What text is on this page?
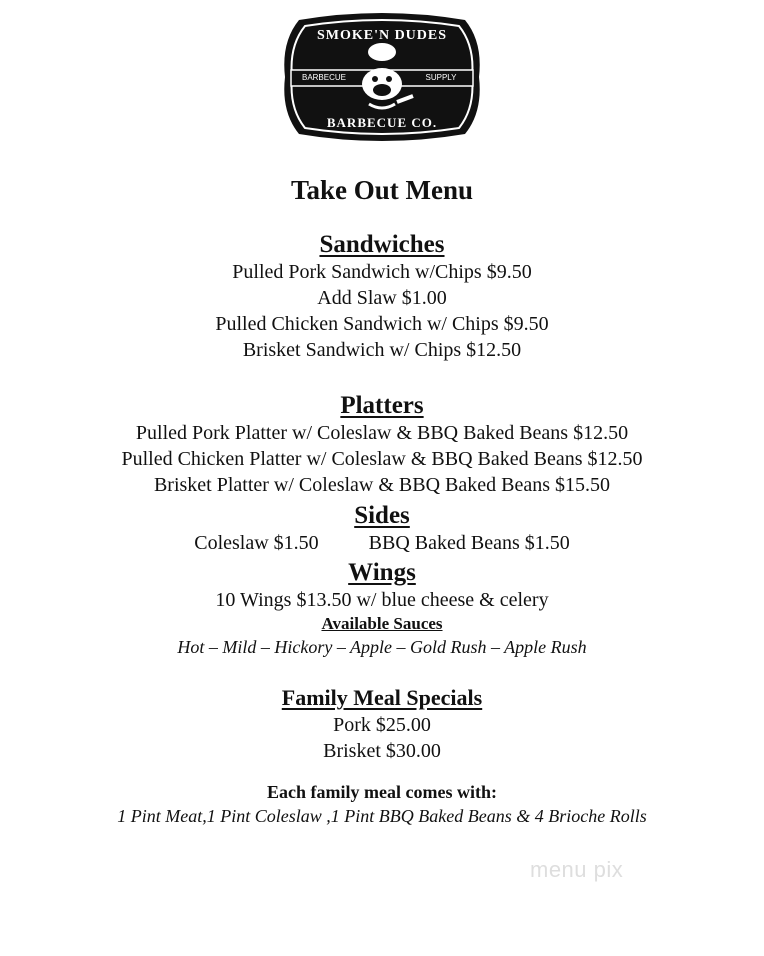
SMOKE'N DUDES
BARBECUE	SUPPLY
BARBECUE CO.
Take Out Menu
Sandwiches
Pulled Pork Sandwich w/Chips $9.50
Add Slaw $1.00
Pulled Chicken Sandwich w/ Chips $9.50
Brisket Sandwich w/ Chips $12.50
Platters
Pulled Pork Platter w/ Coleslaw & BBQ Baked Beans $12.50
Pulled Chicken Platter w/ Coleslaw & BBQ Baked Beans $12.50
Brisket Platter w/ Coleslaw & BBQ Baked Beans $15.50
Sides
Coleslaw $1.50	BBQ Baked Beans $1.50
Wings
10 Wings $13.50 w/ blue cheese & celery
Available Sauces
Hot – Mild – Hickory – Apple – Gold Rush – Apple Rush
Family Meal Specials
Pork $25.00
Brisket $30.00
Each family meal comes with:
1 Pint Meat,1 Pint Coleslaw ,1 Pint BBQ Baked Beans & 4 Brioche Rolls
menu pix
